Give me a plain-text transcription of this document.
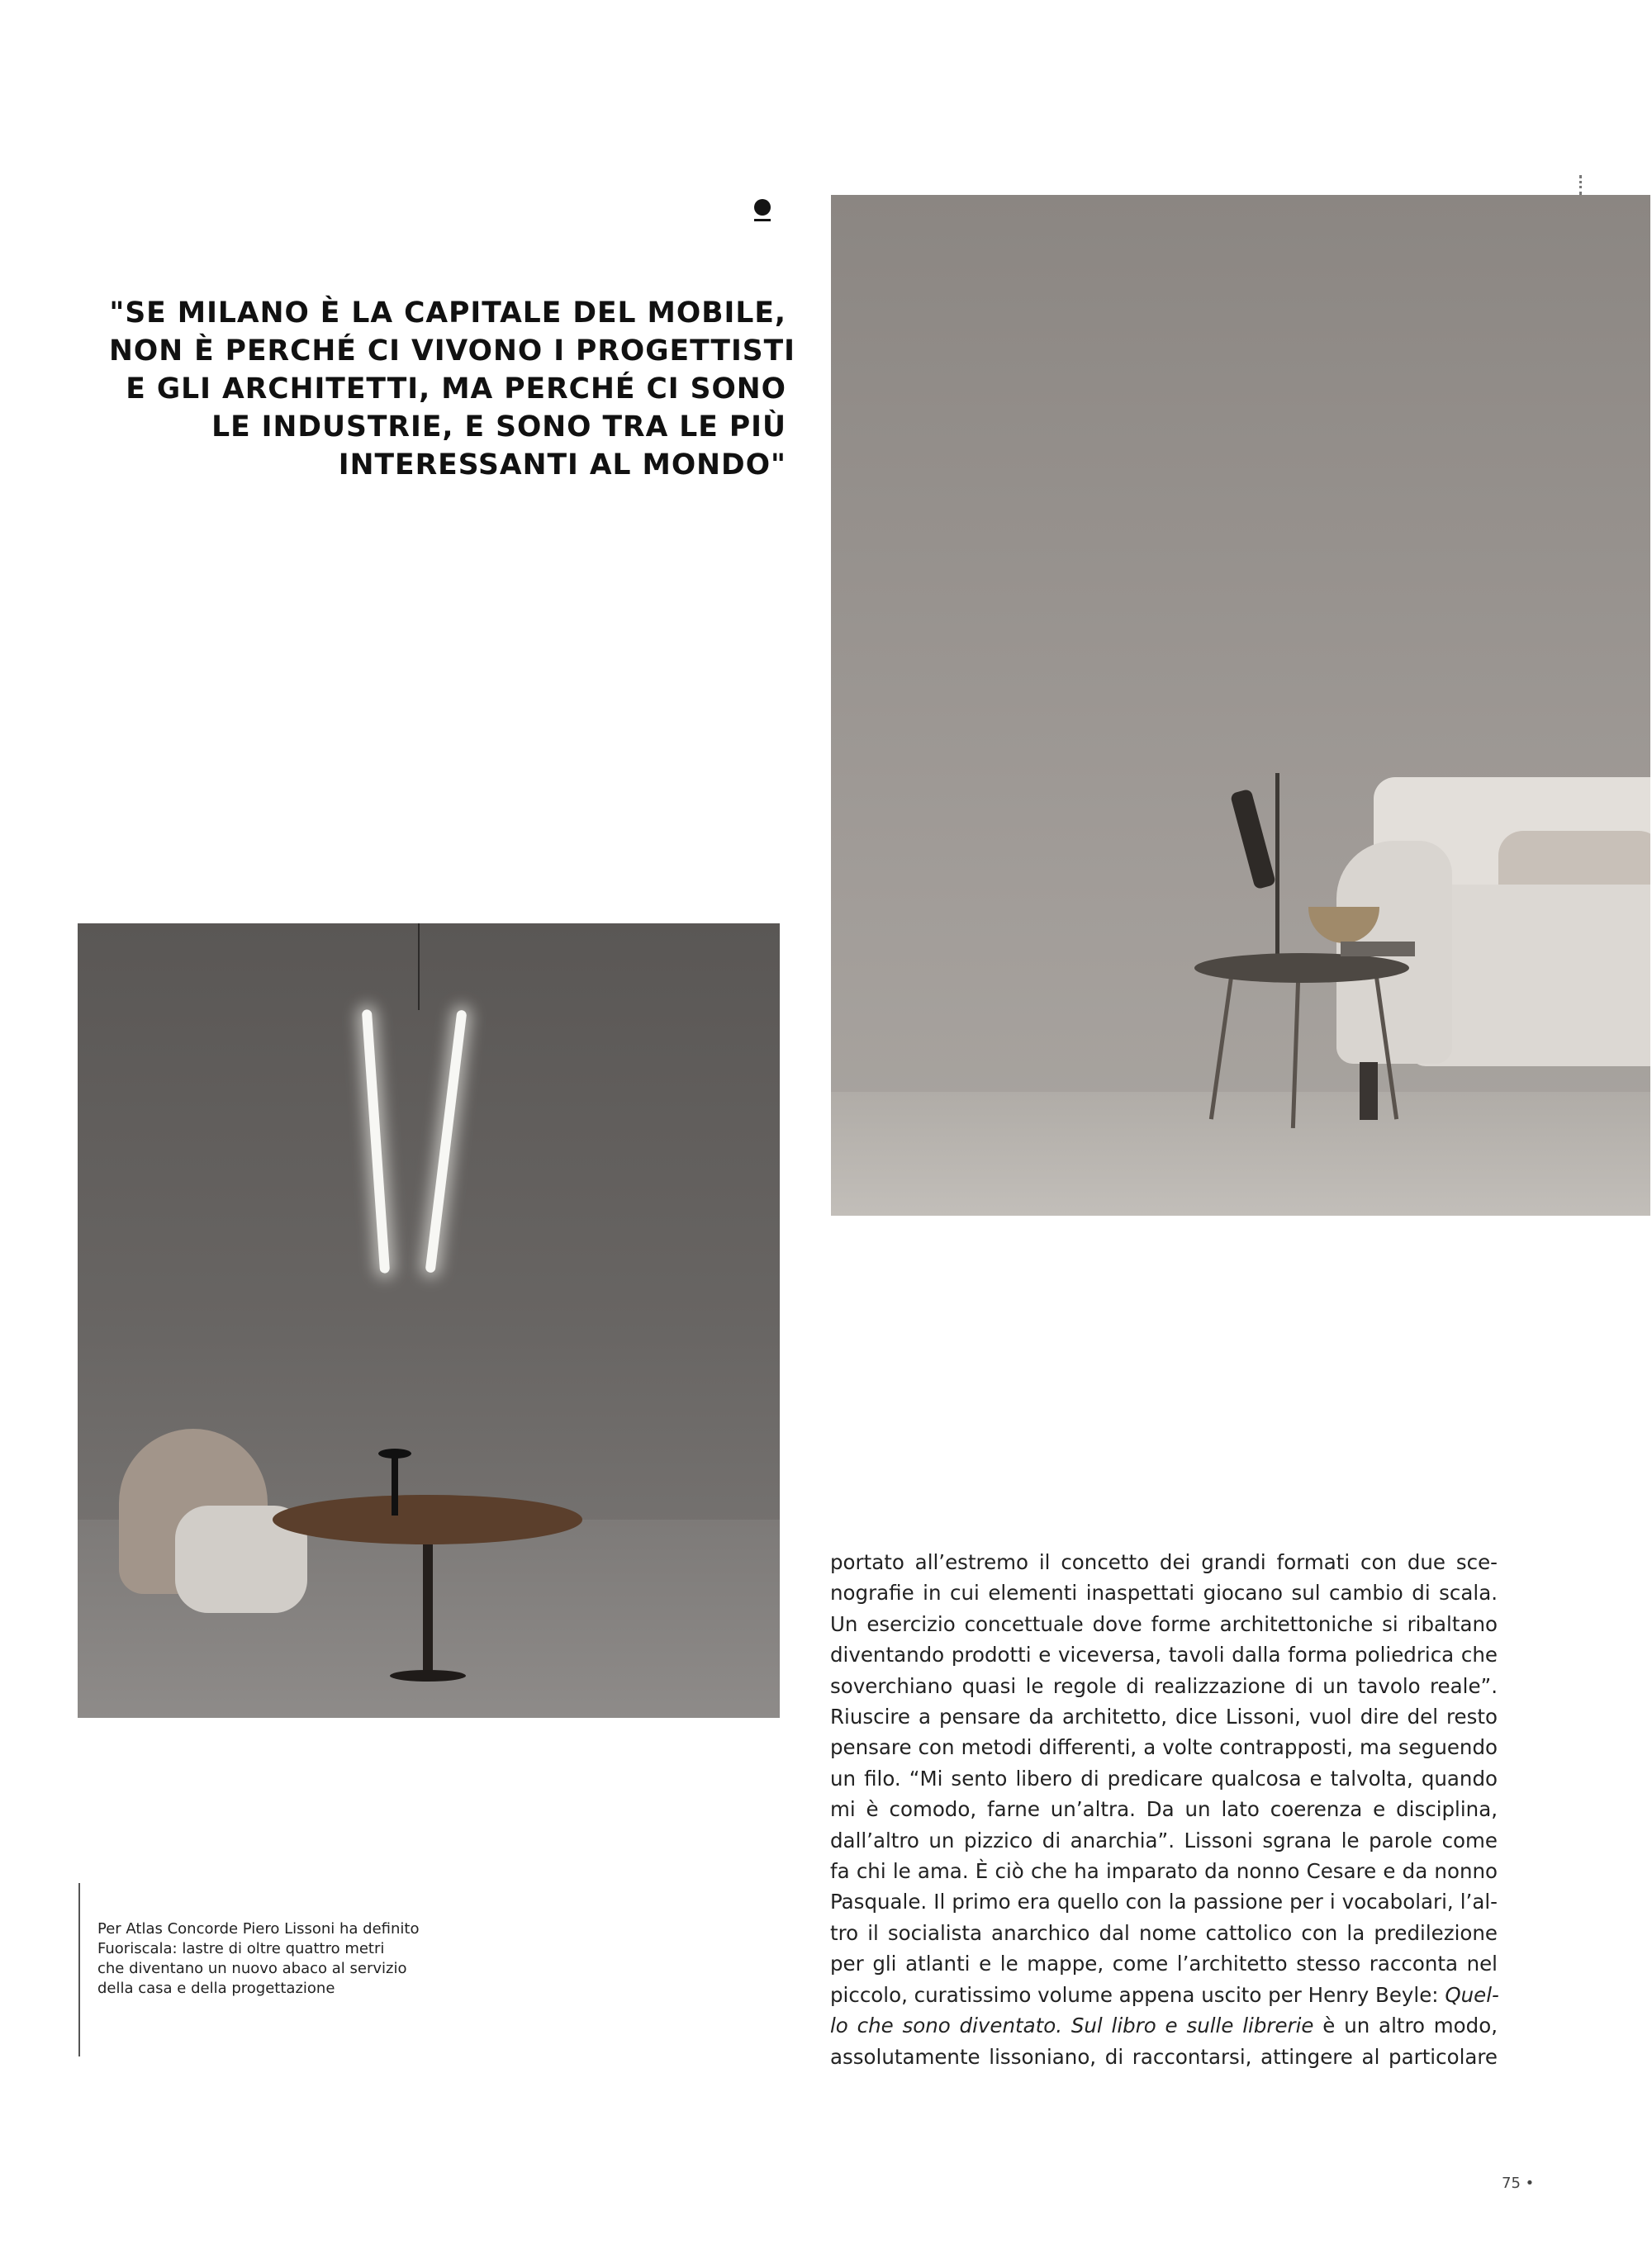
"SE MILANO È LA CAPITALE DEL MOBILE,
NON È PERCHÉ CI VIVONO I PROGETTISTI
E GLI ARCHITETTI, MA PERCHÉ CI SONO
LE INDUSTRIE, E SONO TRA LE PIÙ
INTERESSANTI AL MONDO"
Per Atlas Concorde Piero Lissoni ha definito
Fuoriscala: lastre di oltre quattro metri
che diventano un nuovo abaco al servizio
della casa e della progettazione
portato all’estremo il concetto dei grandi formati con due sce-
nografie in cui elementi inaspettati giocano sul cambio di scala.
Un esercizio concettuale dove forme architettoniche si ribaltano
diventando prodotti e viceversa, tavoli dalla forma poliedrica che
soverchiano quasi le regole di realizzazione di un tavolo reale”.
Riuscire a pensare da architetto, dice Lissoni, vuol dire del resto
pensare con metodi differenti, a volte contrapposti, ma seguendo
un filo. “Mi sento libero di predicare qualcosa e talvolta, quando
mi è comodo, farne un’altra. Da un lato coerenza e disciplina,
dall’altro un pizzico di anarchia”. Lissoni sgrana le parole come
fa chi le ama. È ciò che ha imparato da nonno Cesare e da nonno
Pasquale. Il primo era quello con la passione per i vocabolari, l’al-
tro il socialista anarchico dal nome cattolico con la predilezione
per gli atlanti e le mappe, come l’architetto stesso racconta nel
piccolo, curatissimo volume appena uscito per Henry Beyle: Quel-
lo che sono diventato. Sul libro e sulle librerie è un altro modo,
assolutamente lissoniano, di raccontarsi, attingere al particolare
75 •
